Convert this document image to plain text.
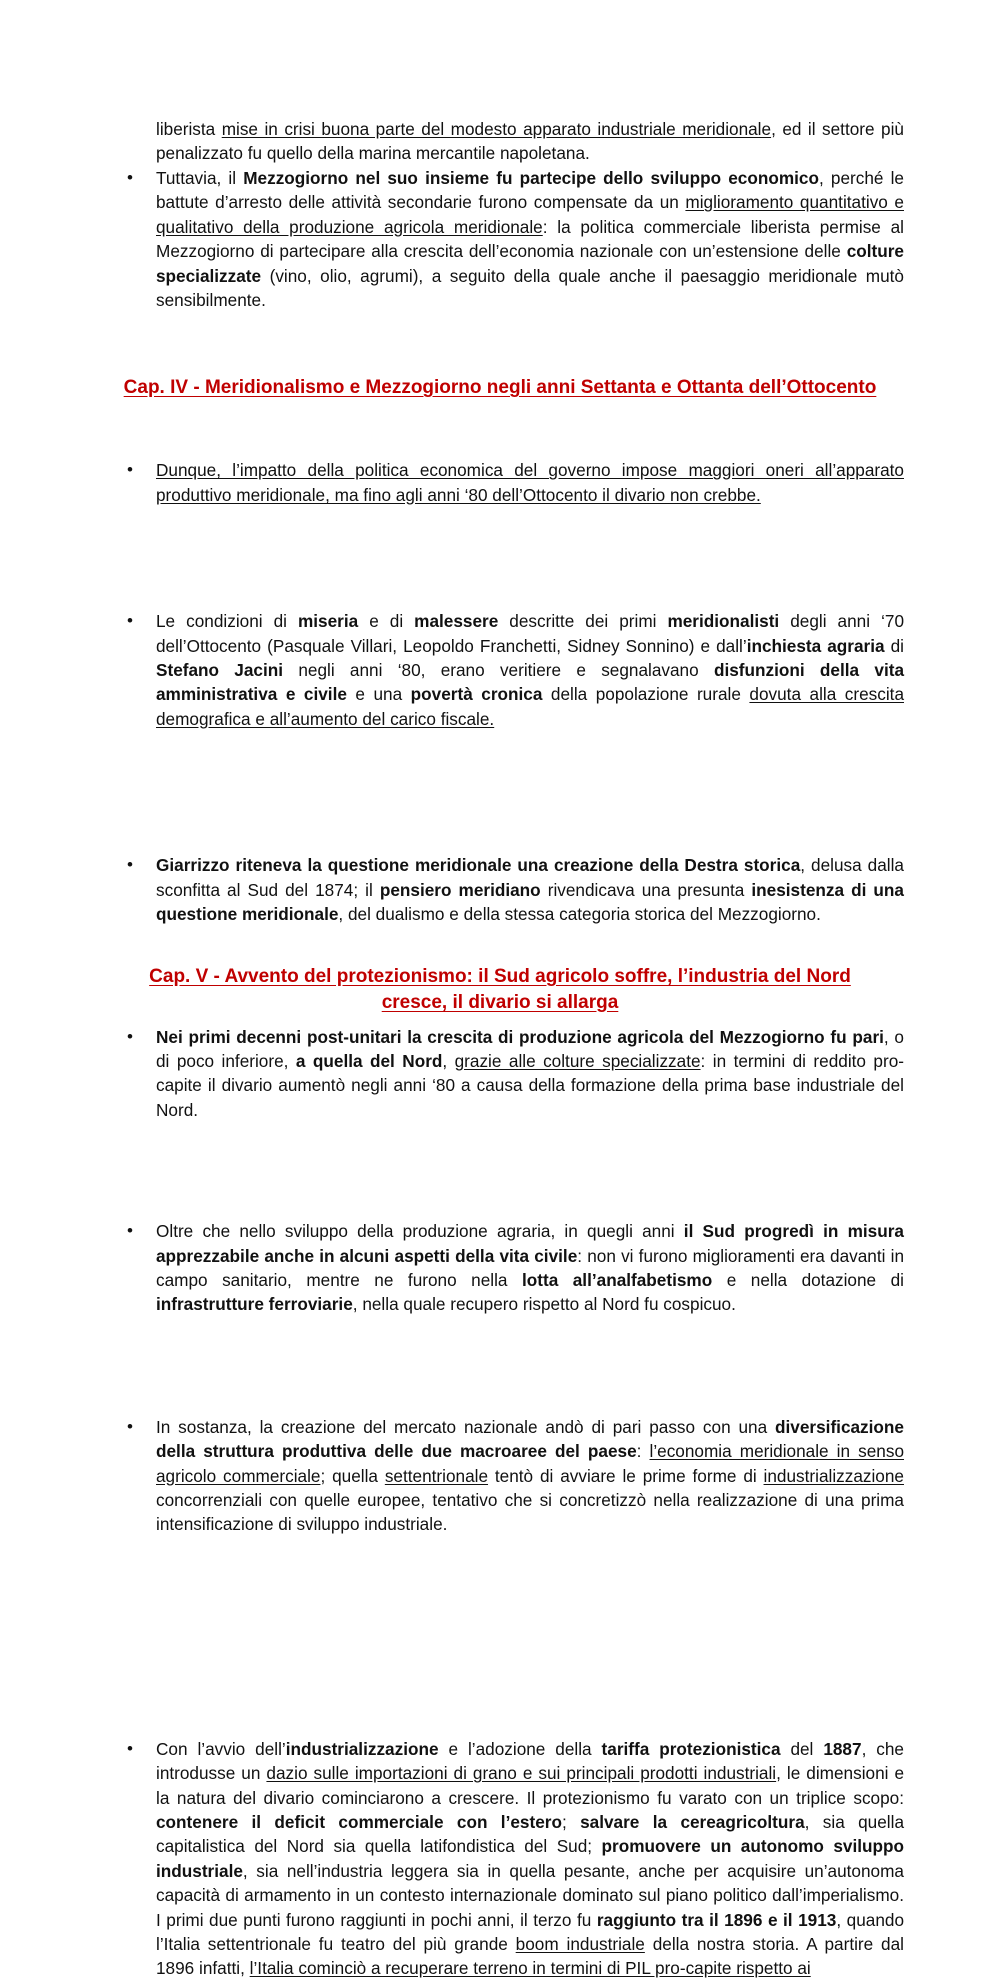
liberista mise in crisi buona parte del modesto apparato industriale meridionale, ed il settore più penalizzato fu quello della marina mercantile napoletana.
• Tuttavia, il Mezzogiorno nel suo insieme fu partecipe dello sviluppo economico, perché le battute d’arresto delle attività secondarie furono compensate da un miglioramento quantitativo e qualitativo della produzione agricola meridionale: la politica commerciale liberista permise al Mezzogiorno di partecipare alla crescita dell’economia nazionale con un’estensione delle colture specializzate (vino, olio, agrumi), a seguito della quale anche il paesaggio meridionale mutò sensibilmente.
• Dunque, l’impatto della politica economica del governo impose maggiori oneri all’apparato produttivo meridionale, ma fino agli anni ‘80 dell’Ottocento il divario non crebbe.
Cap. IV - Meridionalismo e Mezzogiorno negli anni Settanta e Ottanta dell’Ottocento
• Le condizioni di miseria e di malessere descritte dei primi meridionalisti degli anni ‘70 dell’Ottocento (Pasquale Villari, Leopoldo Franchetti, Sidney Sonnino) e dall’inchiesta agraria di Stefano Jacini negli anni ‘80, erano veritiere e segnalavano disfunzioni della vita amministrativa e civile e una povertà cronica della popolazione rurale dovuta alla crescita demografica e all’aumento del carico fiscale.
• Giarrizzo riteneva la questione meridionale una creazione della Destra storica, delusa dalla sconfitta al Sud del 1874; il pensiero meridiano rivendicava una presunta inesistenza di una questione meridionale, del dualismo e della stessa categoria storica del Mezzogiorno.
• Nei primi decenni post-unitari la crescita di produzione agricola del Mezzogiorno fu pari, o di poco inferiore, a quella del Nord, grazie alle colture specializzate: in termini di reddito pro-capite il divario aumentò negli anni ‘80 a causa della formazione della prima base industriale del Nord.
• Oltre che nello sviluppo della produzione agraria, in quegli anni il Sud progredì in misura apprezzabile anche in alcuni aspetti della vita civile: non vi furono miglioramenti era davanti in campo sanitario, mentre ne furono nella lotta all’analfabetismo e nella dotazione di infrastrutture ferroviarie, nella quale recupero rispetto al Nord fu cospicuo.
• In sostanza, la creazione del mercato nazionale andò di pari passo con una diversificazione della struttura produttiva delle due macroaree del paese: l’economia meridionale in senso agricolo commerciale; quella settentrionale tentò di avviare le prime forme di industrializzazione concorrenziali con quelle europee, tentativo che si concretizzò nella realizzazione di una prima intensificazione di sviluppo industriale.
Cap. V - Avvento del protezionismo: il Sud agricolo soffre, l’industria del Nord
cresce, il divario si allarga
• Con l’avvio dell’industrializzazione e l’adozione della tariffa protezionistica del 1887, che introdusse un dazio sulle importazioni di grano e sui principali prodotti industriali, le dimensioni e la natura del divario cominciarono a crescere. Il protezionismo fu varato con un triplice scopo: contenere il deficit commerciale con l’estero; salvare la cereagricoltura, sia quella capitalistica del Nord sia quella latifondistica del Sud; promuovere un autonomo sviluppo industriale, sia nell’industria leggera sia in quella pesante, anche per acquisire un’autonoma capacità di armamento in un contesto internazionale dominato sul piano politico dall’imperialismo. I primi due punti furono raggiunti in pochi anni, il terzo fu raggiunto tra il 1896 e il 1913, quando l’Italia settentrionale fu teatro del più grande boom industriale della nostra storia. A partire dal 1896 infatti, l’Italia cominciò a recuperare terreno in termini di PIL pro-capite rispetto ai
